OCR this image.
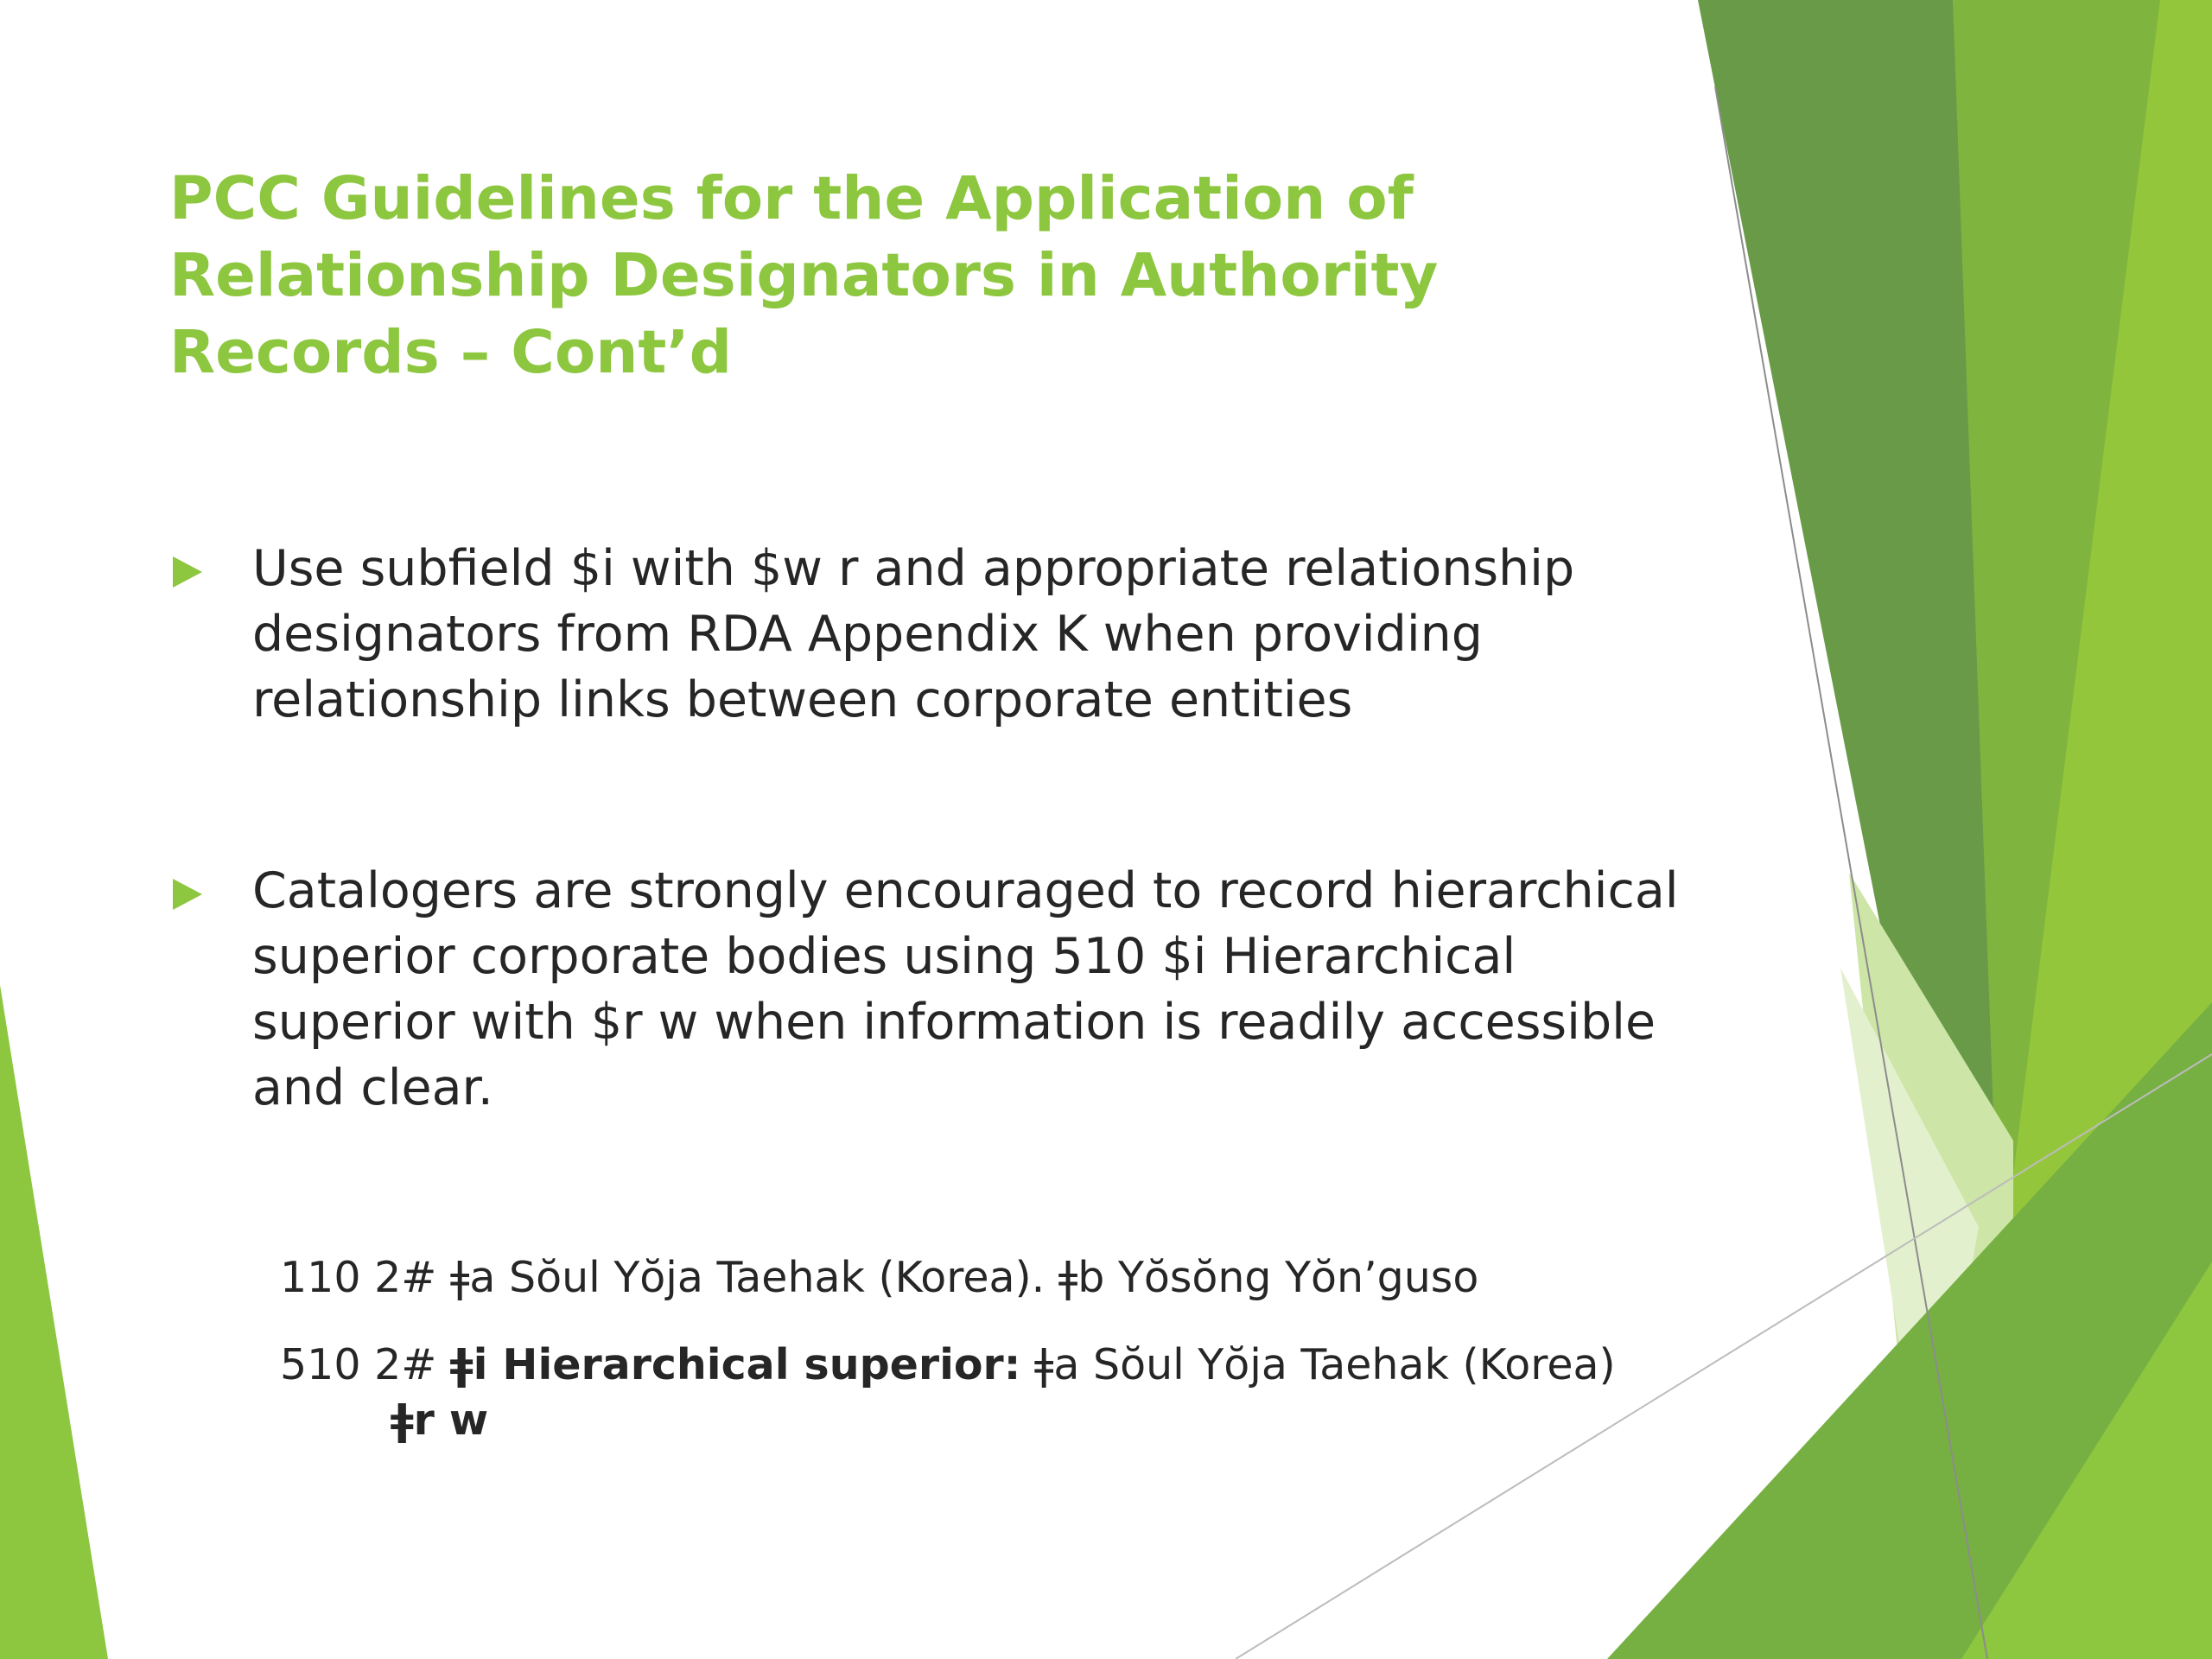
PCC Guidelines for the Application of
Relationship Designators in Authority
Records – Cont’d
Use subfield $i with $w r and appropriate relationship
designators from RDA Appendix K when providing
relationship links between corporate entities
Catalogers are strongly encouraged to record hierarchical
superior corporate bodies using 510 $i Hierarchical
superior with $r w when information is readily accessible
and clear.
110 2# ǂa Sŏul Yŏja Taehak (Korea). ǂb Yŏsŏng Yŏn’guso
510 2# ǂi Hierarchical superior: ǂa Sŏul Yŏja Taehak (Korea)
ǂr w
